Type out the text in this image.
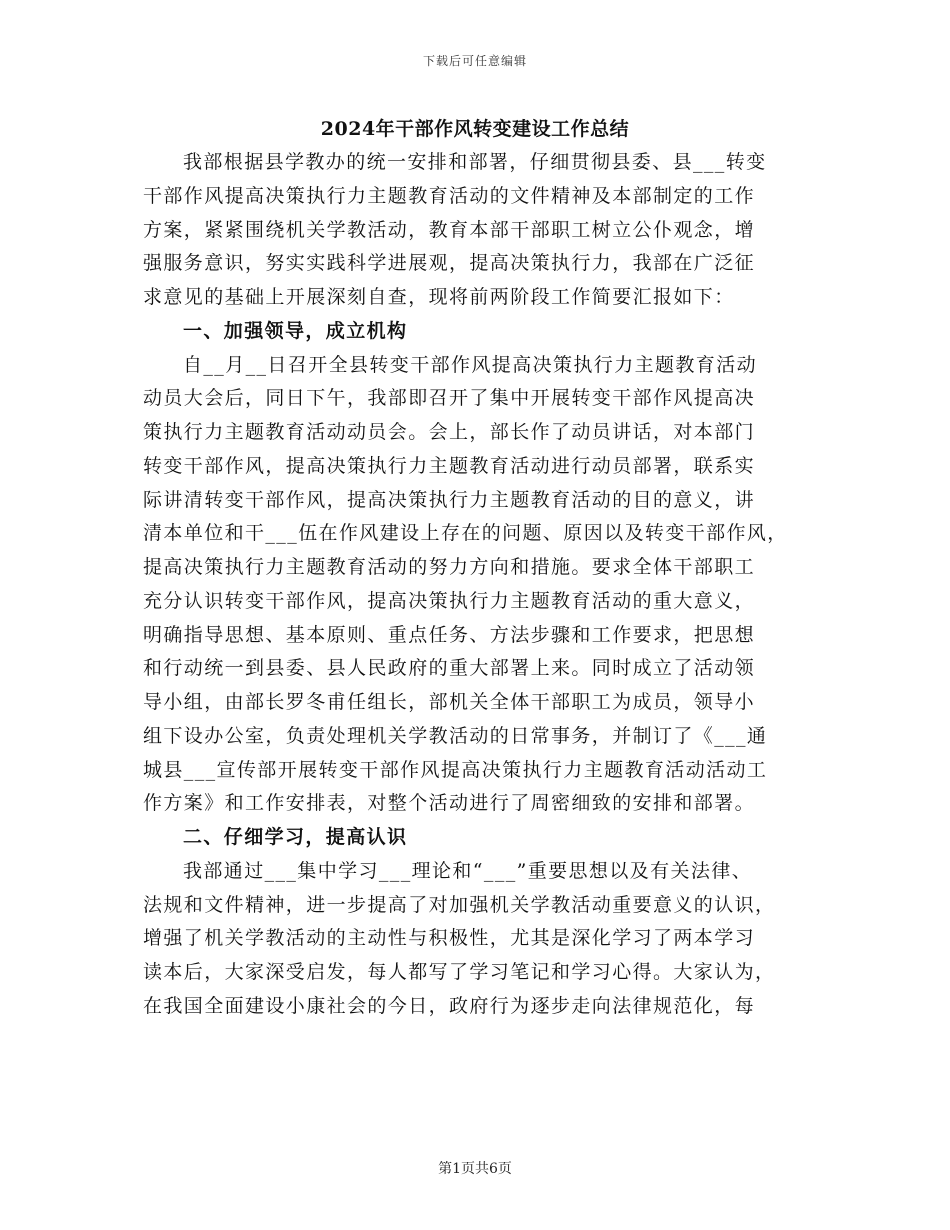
下载后可任意编辑
2024年干部作风转变建设工作总结
我部根据县学教办的统一安排和部署，仔细贯彻县委、县___转变
干部作风提高决策执行力主题教育活动的文件精神及本部制定的工作
方案，紧紧围绕机关学教活动，教育本部干部职工树立公仆观念，增
强服务意识，努实实践科学进展观，提高决策执行力，我部在广泛征
求意见的基础上开展深刻自查，现将前两阶段工作简要汇报如下：
一、加强领导，成立机构
自__月__日召开全县转变干部作风提高决策执行力主题教育活动
动员大会后，同日下午，我部即召开了集中开展转变干部作风提高决
策执行力主题教育活动动员会。会上，部长作了动员讲话，对本部门
转变干部作风，提高决策执行力主题教育活动进行动员部署，联系实
际讲清转变干部作风，提高决策执行力主题教育活动的目的意义，讲
清本单位和干___伍在作风建设上存在的问题、原因以及转变干部作风，
提高决策执行力主题教育活动的努力方向和措施。要求全体干部职工
充分认识转变干部作风，提高决策执行力主题教育活动的重大意义，
明确指导思想、基本原则、重点任务、方法步骤和工作要求，把思想
和行动统一到县委、县人民政府的重大部署上来。同时成立了活动领
导小组，由部长罗冬甫任组长，部机关全体干部职工为成员，领导小
组下设办公室，负责处理机关学教活动的日常事务，并制订了《___通
城县___宣传部开展转变干部作风提高决策执行力主题教育活动活动工
作方案》和工作安排表，对整个活动进行了周密细致的安排和部署。
二、仔细学习，提高认识
我部通过___集中学习___理论和“___”重要思想以及有关法律、
法规和文件精神，进一步提高了对加强机关学教活动重要意义的认识，
增强了机关学教活动的主动性与积极性，尤其是深化学习了两本学习
读本后，大家深受启发，每人都写了学习笔记和学习心得。大家认为，
在我国全面建设小康社会的今日，政府行为逐步走向法律规范化，每
第1页共6页
